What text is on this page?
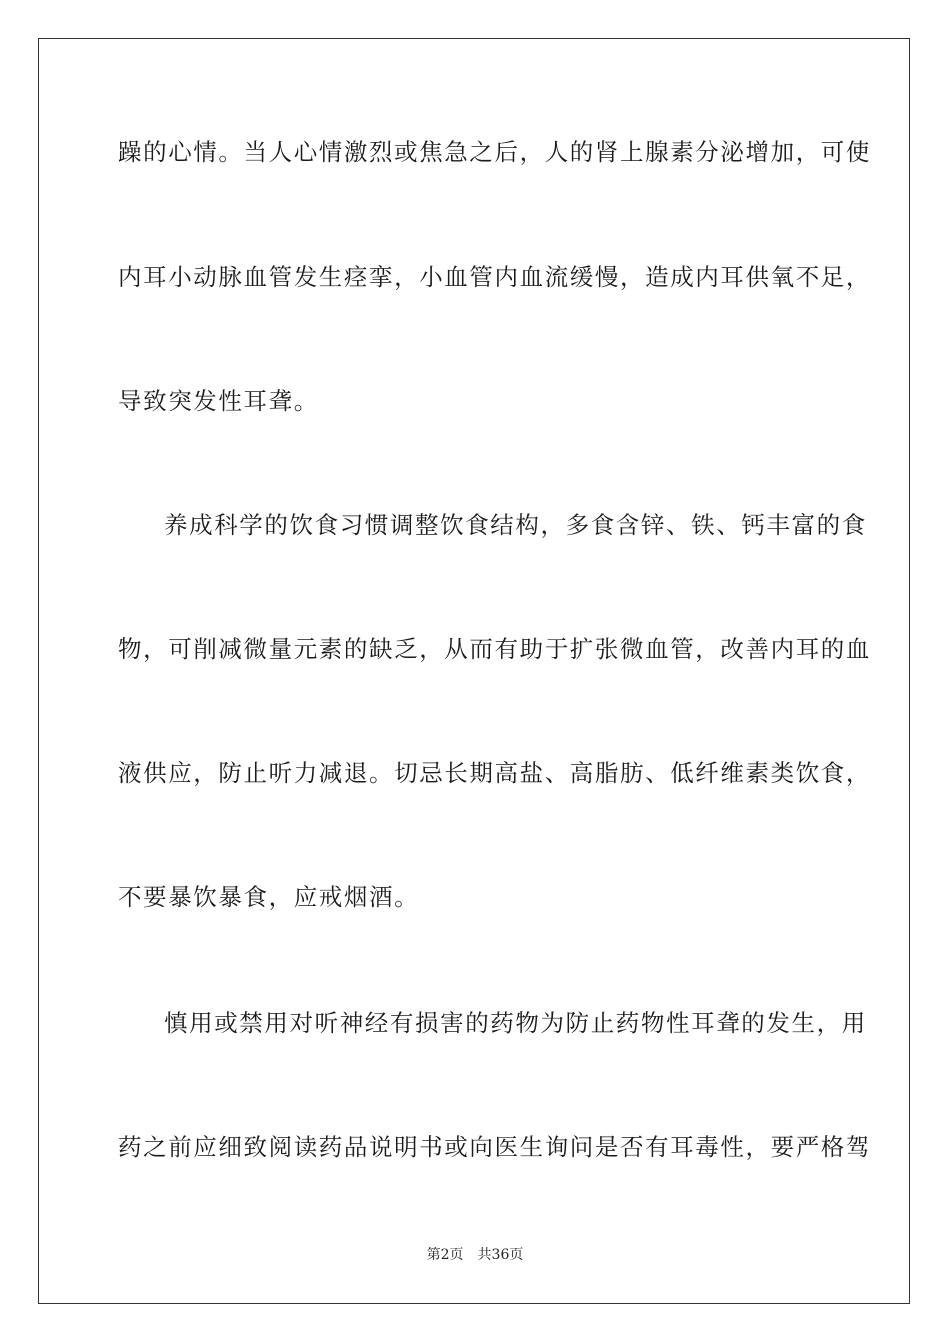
躁的心情。当人心情激烈或焦急之后，人的肾上腺素分泌增加，可使
内耳小动脉血管发生痉挛，小血管内血流缓慢，造成内耳供氧不足，
导致突发性耳聋。
养成科学的饮食习惯调整饮食结构，多食含锌、铁、钙丰富的食
物，可削减微量元素的缺乏，从而有助于扩张微血管，改善内耳的血
液供应，防止听力减退。切忌长期高盐、高脂肪、低纤维素类饮食，
不要暴饮暴食，应戒烟酒。
慎用或禁用对听神经有损害的药物为防止药物性耳聋的发生，用
药之前应细致阅读药品说明书或向医生询问是否有耳毒性，要严格驾
第2页 共36页
